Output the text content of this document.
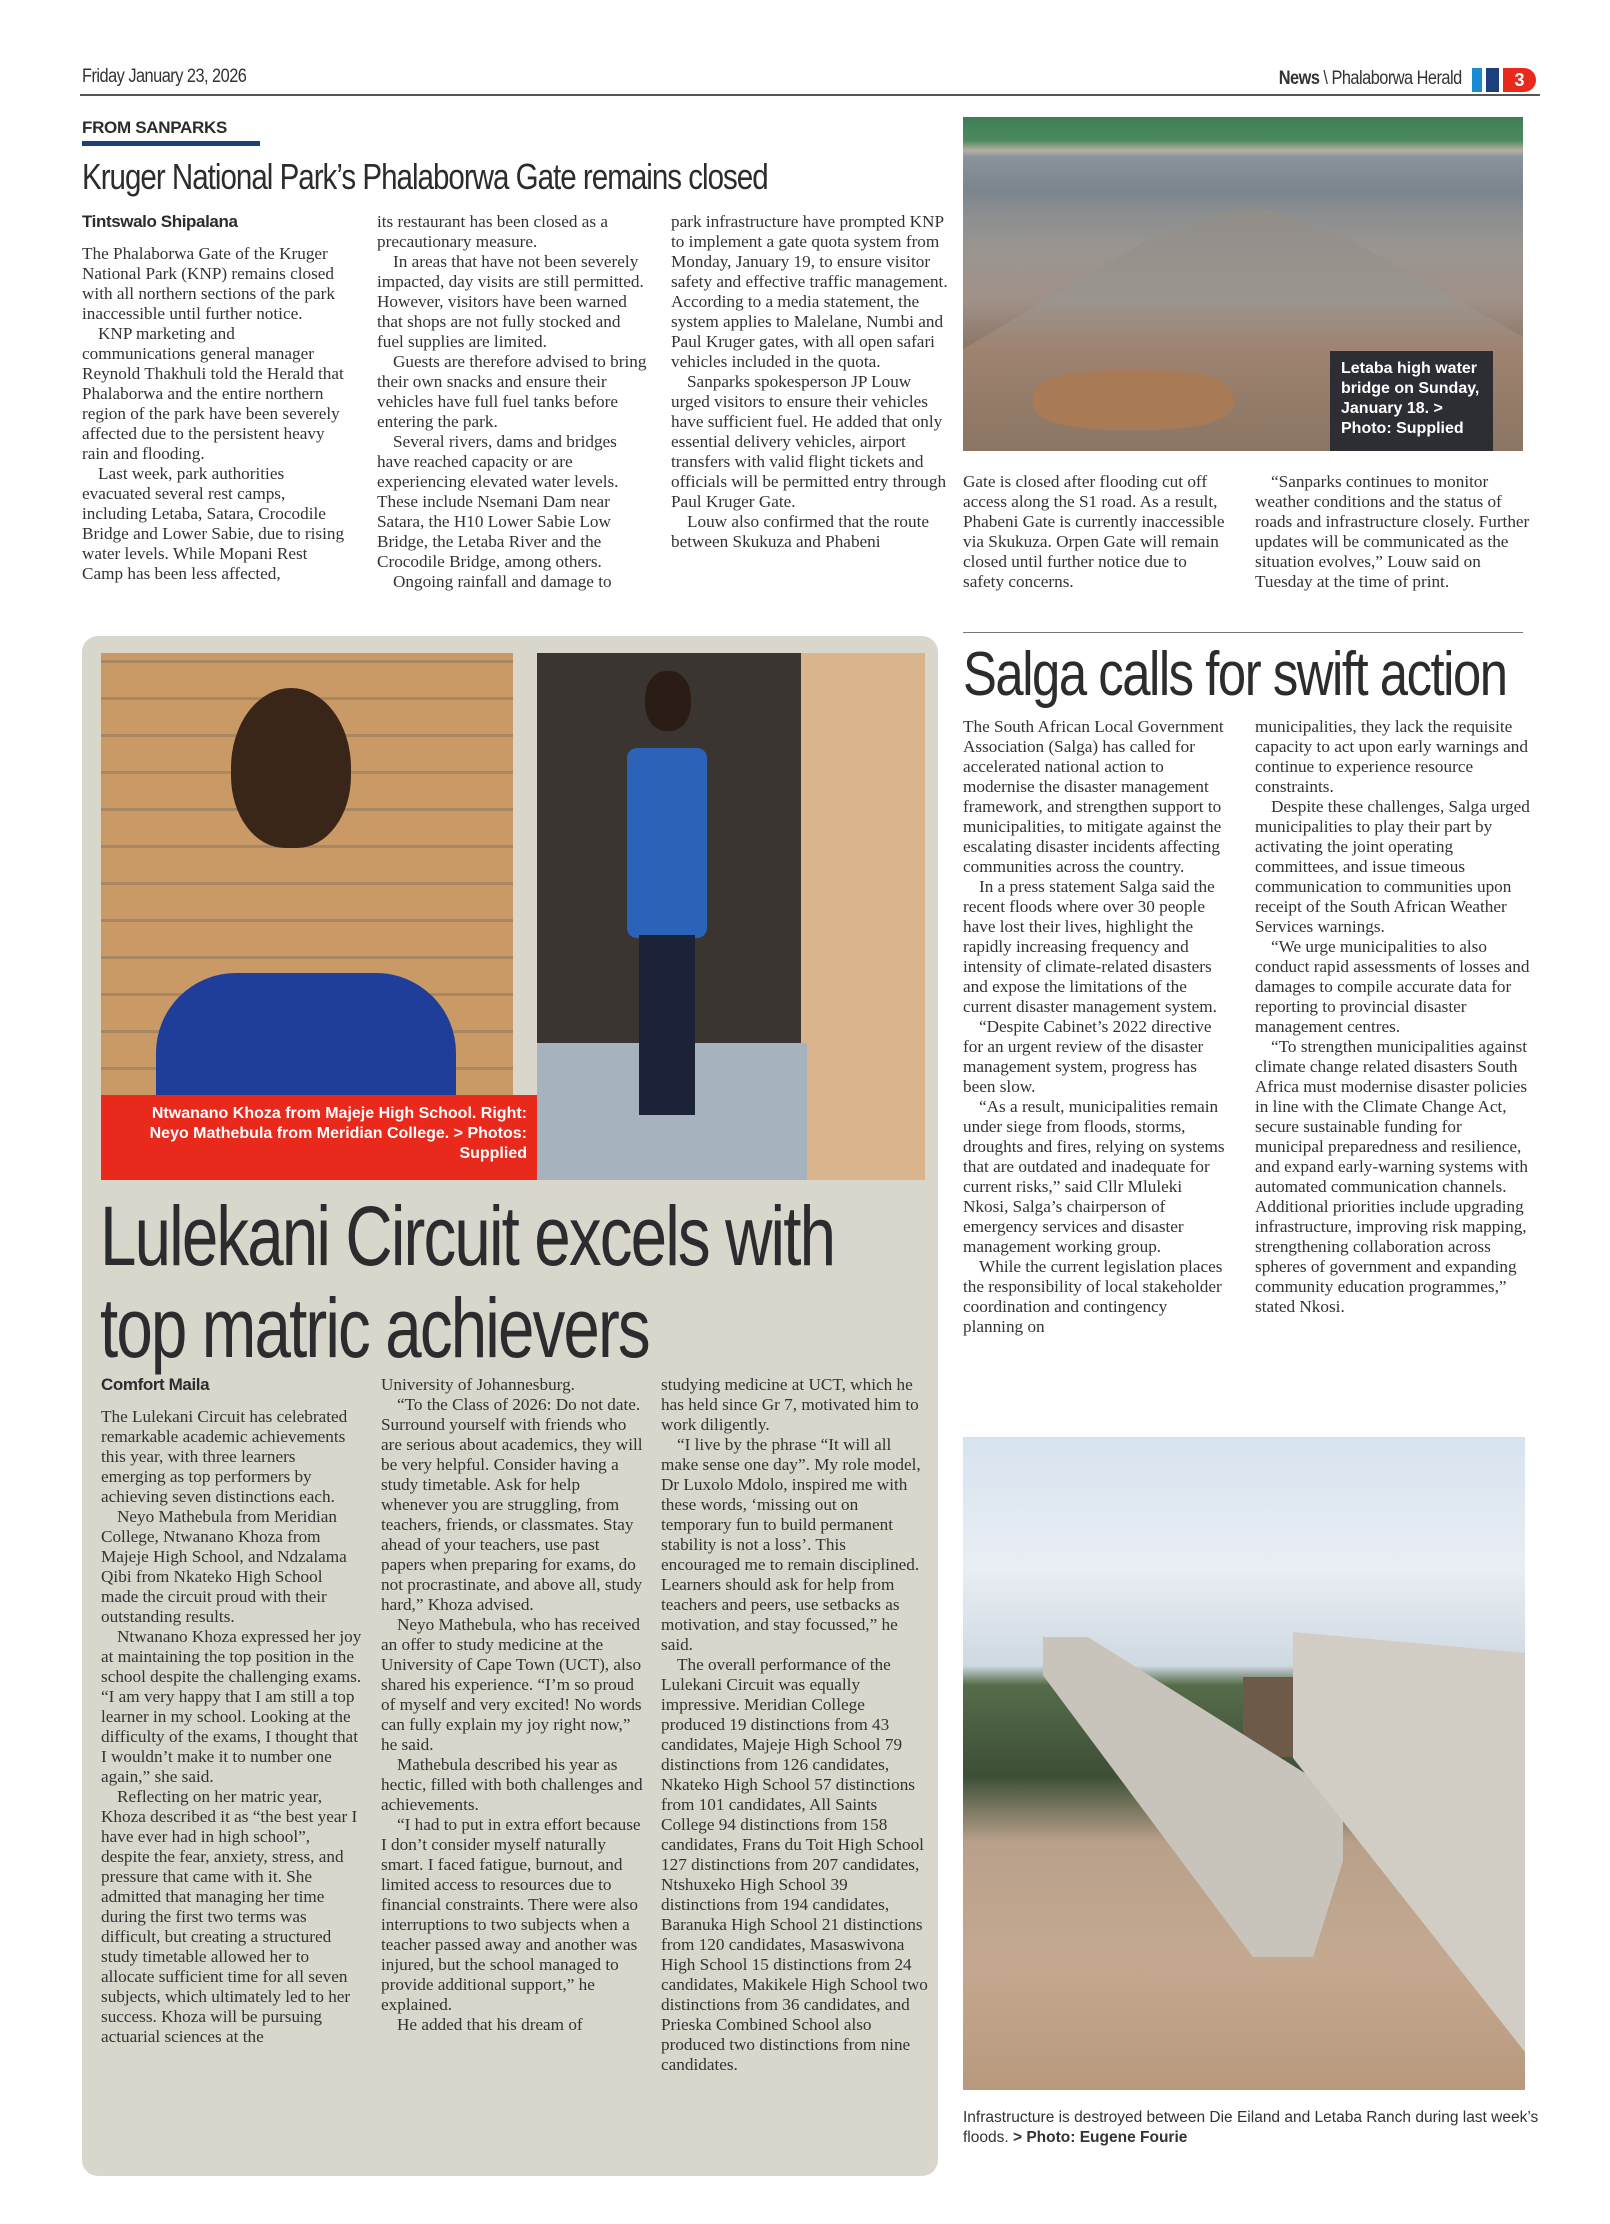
Friday January 23, 2026	News \ Phalaborwa Herald	3
FROM SANPARKS
Kruger National Park’s Phalaborwa Gate remains closed
Tintswalo Shipalana

The Phalaborwa Gate of the Kruger National Park (KNP) remains closed with all northern sections of the park inaccessible until further notice.

KNP marketing and communications general manager Reynold Thakhuli told the Herald that Phalaborwa and the entire northern region of the park have been severely affected due to the persistent heavy rain and flooding.

Last week, park authorities evacuated several rest camps, including Letaba, Satara, Crocodile Bridge and Lower Sabie, due to rising water levels. While Mopani Rest Camp has been less affected,

its restaurant has been closed as a precautionary measure.

In areas that have not been severely impacted, day visits are still permitted. However, visitors have been warned that shops are not fully stocked and fuel supplies are limited.

Guests are therefore advised to bring their own snacks and ensure their vehicles have full fuel tanks before entering the park.

Several rivers, dams and bridges have reached capacity or are experiencing elevated water levels. These include Nsemani Dam near Satara, the H10 Lower Sabie Low Bridge, the Letaba River and the Crocodile Bridge, among others.

Ongoing rainfall and damage to

park infrastructure have prompted KNP to implement a gate quota system from Monday, January 19, to ensure visitor safety and effective traffic management. According to a media statement, the system applies to Malelane, Numbi and Paul Kruger gates, with all open safari vehicles included in the quota.

Sanparks spokesperson JP Louw urged visitors to ensure their vehicles have sufficient fuel. He added that only essential delivery vehicles, airport transfers with valid flight tickets and officials will be permitted entry through Paul Kruger Gate.

Louw also confirmed that the route between Skukuza and Phabeni

Letaba high water bridge on Sunday, January 18. > Photo: Supplied

Gate is closed after flooding cut off access along the S1 road. As a result, Phabeni Gate is currently inaccessible via Skukuza. Orpen Gate will remain closed until further notice due to safety concerns.

“Sanparks continues to monitor weather conditions and the status of roads and infrastructure closely. Further updates will be communicated as the situation evolves,” Louw said on Tuesday at the time of print.

Ntwanano Khoza from Majeje High School. Right: Neyo Mathebula from Meridian College. > Photos: Supplied
Lulekani Circuit excels with
top matric achievers
Comfort Maila

The Lulekani Circuit has celebrated remarkable academic achievements this year, with three learners emerging as top performers by achieving seven distinctions each.

Neyo Mathebula from Meridian College, Ntwanano Khoza from Majeje High School, and Ndzalama Qibi from Nkateko High School made the circuit proud with their outstanding results.

Ntwanano Khoza expressed her joy at maintaining the top position in the school despite the challenging exams. “I am very happy that I am still a top learner in my school. Looking at the difficulty of the exams, I thought that I wouldn’t make it to number one again,” she said.

Reflecting on her matric year, Khoza described it as “the best year I have ever had in high school”, despite the fear, anxiety, stress, and pressure that came with it. She admitted that managing her time during the first two terms was difficult, but creating a structured study timetable allowed her to allocate sufficient time for all seven subjects, which ultimately led to her success. Khoza will be pursuing actuarial sciences at the

University of Johannesburg.

“To the Class of 2026: Do not date. Surround yourself with friends who are serious about academics, they will be very helpful. Consider having a study timetable. Ask for help whenever you are struggling, from teachers, friends, or classmates. Stay ahead of your teachers, use past papers when preparing for exams, do not procrastinate, and above all, study hard,” Khoza advised.

Neyo Mathebula, who has received an offer to study medicine at the University of Cape Town (UCT), also shared his experience. “I’m so proud of myself and very excited! No words can fully explain my joy right now,” he said.

Mathebula described his year as hectic, filled with both challenges and achievements.

“I had to put in extra effort because I don’t consider myself naturally smart. I faced fatigue, burnout, and limited access to resources due to financial constraints. There were also interruptions to two subjects when a teacher passed away and another was injured, but the school managed to provide additional support,” he explained.

He added that his dream of

studying medicine at UCT, which he has held since Gr 7, motivated him to work diligently.

“I live by the phrase “It will all make sense one day”. My role model, Dr Luxolo Mdolo, inspired me with these words, ‘missing out on temporary fun to build permanent stability is not a loss’. This encouraged me to remain disciplined. Learners should ask for help from teachers and peers, use setbacks as motivation, and stay focussed,” he said.

The overall performance of the Lulekani Circuit was equally impressive. Meridian College produced 19 distinctions from 43 candidates, Majeje High School 79 distinctions from 126 candidates, Nkateko High School 57 distinctions from 101 candidates, All Saints College 94 distinctions from 158 candidates, Frans du Toit High School 127 distinctions from 207 candidates, Ntshuxeko High School 39 distinctions from 194 candidates, Baranuka High School 21 distinctions from 120 candidates, Masaswivona High School 15 distinctions from 24 candidates, Makikele High School two distinctions from 36 candidates, and Prieska Combined School also produced two distinctions from nine candidates.

Salga calls for swift action

The South African Local Government Association (Salga) has called for accelerated national action to modernise the disaster management framework, and strengthen support to municipalities, to mitigate against the escalating disaster incidents affecting communities across the country.

In a press statement Salga said the recent floods where over 30 people have lost their lives, highlight the rapidly increasing frequency and intensity of climate-related disasters and expose the limitations of the current disaster management system.

“Despite Cabinet’s 2022 directive for an urgent review of the disaster management system, progress has been slow.

“As a result, municipalities remain under siege from floods, storms, droughts and fires, relying on systems that are outdated and inadequate for current risks,” said Cllr Mluleki Nkosi, Salga’s chairperson of emergency services and disaster management working group.

While the current legislation places the responsibility of local stakeholder coordination and contingency planning on

municipalities, they lack the requisite capacity to act upon early warnings and continue to experience resource constraints.

Despite these challenges, Salga urged municipalities to play their part by activating the joint operating committees, and issue timeous communication to communities upon receipt of the South African Weather Services warnings.

“We urge municipalities to also conduct rapid assessments of losses and damages to compile accurate data for reporting to provincial disaster management centres.

“To strengthen municipalities against climate change related disasters South Africa must modernise disaster policies in line with the Climate Change Act, secure sustainable funding for municipal preparedness and resilience, and expand early-warning systems with automated communication channels. Additional priorities include upgrading infrastructure, improving risk mapping, strengthening collaboration across spheres of government and expanding community education programmes,” stated Nkosi.

Infrastructure is destroyed between Die Eiland and Letaba Ranch during last week’s floods. > Photo: Eugene Fourie
